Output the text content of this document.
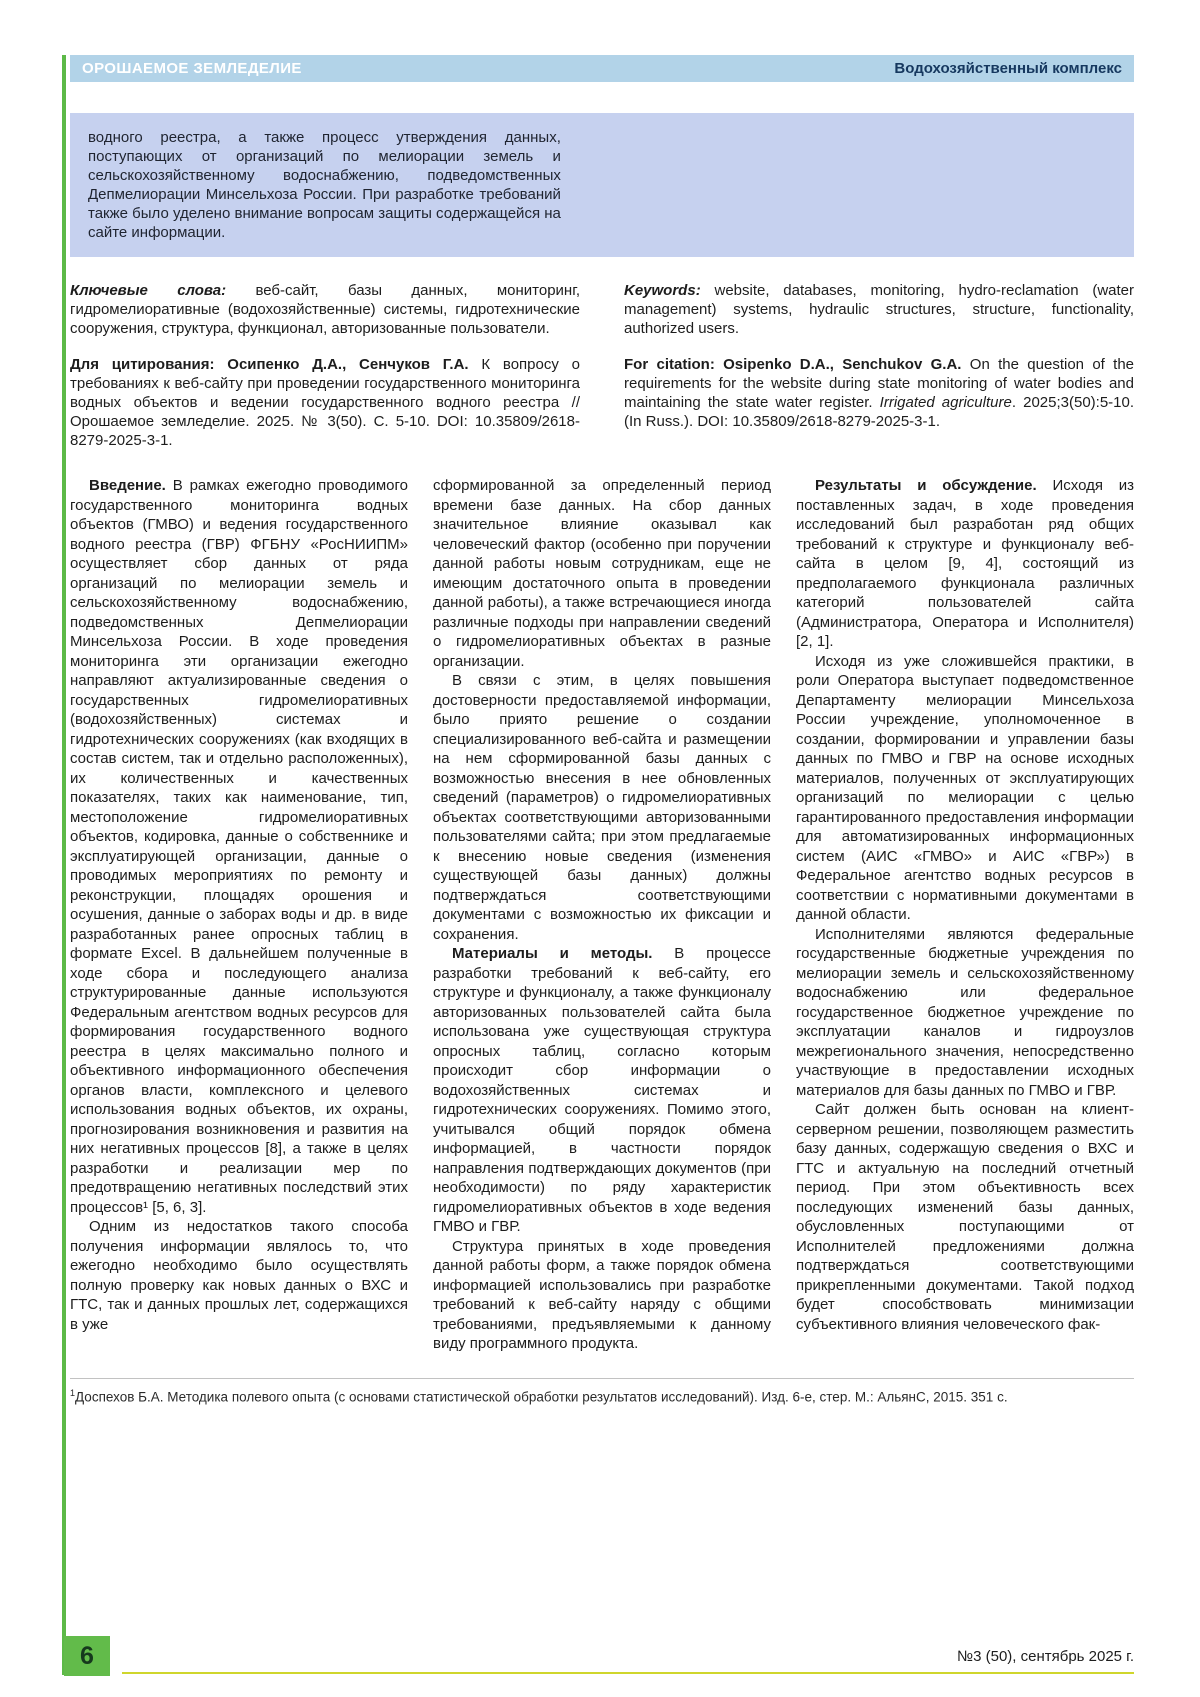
ОРОШАЕМОЕ ЗЕМЛЕДЕЛИЕ	Водохозяйственный комплекс
водного реестра, а также процесс утверждения данных, поступающих от организаций по мелиорации земель и сельскохозяйственному водоснабжению, подведомственных Депмелиорации Минсельхоза России. При разработке требований также было уделено внимание вопросам защиты содержащейся на сайте информации.
Ключевые слова: веб-сайт, базы данных, мониторинг, гидромелиоративные (водохозяйственные) системы, гидротехнические сооружения, структура, функционал, авторизованные пользователи.
Keywords: website, databases, monitoring, hydro-reclamation (water management) systems, hydraulic structures, structure, functionality, authorized users.
Для цитирования: Осипенко Д.А., Сенчуков Г.А. К вопросу о требованиях к веб-сайту при проведении государственного мониторинга водных объектов и ведении государственного водного реестра // Орошаемое земледелие. 2025. № 3(50). С. 5-10. DOI: 10.35809/2618-8279-2025-3-1.
For citation: Osipenko D.A., Senchukov G.A. On the question of the requirements for the website during state monitoring of water bodies and maintaining the state water register. Irrigated agriculture. 2025;3(50):5-10. (In Russ.). DOI: 10.35809/2618-8279-2025-3-1.

Введение. В рамках ежегодно проводимого государственного мониторинга водных объектов (ГМВО) и ведения государственного водного реестра (ГВР) ФГБНУ «РосНИИПМ» осуществляет сбор данных от ряда организаций по мелиорации земель и сельскохозяйственному водоснабжению, подведомственных Депмелиорации Минсельхоза России. В ходе проведения мониторинга эти организации ежегодно направляют актуализированные сведения о государственных гидромелиоративных (водохозяйственных) системах и гидротехнических сооружениях (как входящих в состав систем, так и отдельно расположенных), их количественных и качественных показателях, таких как наименование, тип, местоположение гидромелиоративных объектов, кодировка, данные о собственнике и эксплуатирующей организации, данные о проводимых мероприятиях по ремонту и реконструкции, площадях орошения и осушения, данные о заборах воды и др. в виде разработанных ранее опросных таблиц в формате Excel. В дальнейшем полученные в ходе сбора и последующего анализа структурированные данные используются Федеральным агентством водных ресурсов для формирования государственного водного реестра в целях максимально полного и объективного информационного обеспечения органов власти, комплексного и целевого использования водных объектов, их охраны, прогнозирования возникновения и развития на них негативных процессов [8], а также в целях разработки и реализации мер по предотвращению негативных последствий этих процессов¹ [5, 6, 3].

Одним из недостатков такого способа получения информации являлось то, что ежегодно необходимо было осуществлять полную проверку как новых данных о ВХС и ГТС, так и данных прошлых лет, содержащихся в уже

сформированной за определенный период времени базе данных. На сбор данных значительное влияние оказывал как человеческий фактор (особенно при поручении данной работы новым сотрудникам, еще не имеющим достаточного опыта в проведении данной работы), а также встречающиеся иногда различные подходы при направлении сведений о гидромелиоративных объектах в разные организации.

В связи с этим, в целях повышения достоверности предоставляемой информации, было приято решение о создании специализированного веб-сайта и размещении на нем сформированной базы данных с возможностью внесения в нее обновленных сведений (параметров) о гидромелиоративных объектах соответствующими авторизованными пользователями сайта; при этом предлагаемые к внесению новые сведения (изменения существующей базы данных) должны подтверждаться соответствующими документами с возможностью их фиксации и сохранения.

Материалы и методы. В процессе разработки требований к веб-сайту, его структуре и функционалу, а также функционалу авторизованных пользователей сайта была использована уже существующая структура опросных таблиц, согласно которым происходит сбор информации о водохозяйственных системах и гидротехнических сооружениях. Помимо этого, учитывался общий порядок обмена информацией, в частности порядок направления подтверждающих документов (при необходимости) по ряду характеристик гидромелиоративных объектов в ходе ведения ГМВО и ГВР.

Структура принятых в ходе проведения данной работы форм, а также порядок обмена информацией использовались при разработке требований к веб-сайту наряду с общими требованиями, предъявляемыми к данному виду программного продукта.

Результаты и обсуждение. Исходя из поставленных задач, в ходе проведения исследований был разработан ряд общих требований к структуре и функционалу веб-сайта в целом [9, 4], состоящий из предполагаемого функционала различных категорий пользователей сайта (Администратора, Оператора и Исполнителя) [2, 1].

Исходя из уже сложившейся практики, в роли Оператора выступает подведомственное Департаменту мелиорации Минсельхоза России учреждение, уполномоченное в создании, формировании и управлении базы данных по ГМВО и ГВР на основе исходных материалов, полученных от эксплуатирующих организаций по мелиорации с целью гарантированного предоставления информации для автоматизированных информационных систем (АИС «ГМВО» и АИС «ГВР») в Федеральное агентство водных ресурсов в соответствии с нормативными документами в данной области.

Исполнителями являются федеральные государственные бюджетные учреждения по мелиорации земель и сельскохозяйственному водоснабжению или федеральное государственное бюджетное учреждение по эксплуатации каналов и гидроузлов межрегионального значения, непосредственно участвующие в предоставлении исходных материалов для базы данных по ГМВО и ГВР.

Сайт должен быть основан на клиент-серверном решении, позволяющем разместить базу данных, содержащую сведения о ВХС и ГТС и актуальную на последний отчетный период. При этом объективность всех последующих изменений базы данных, обусловленных поступающими от Исполнителей предложениями должна подтверждаться соответствующими прикрепленными документами. Такой подход будет способствовать минимизации субъективного влияния человеческого фак-

$^1$Доспехов Б.А. Методика полевого опыта (с основами статистической обработки результатов исследований). Изд. 6-е, стер. М.: АльянС, 2015. 351 с.
6	№3 (50), сентябрь 2025 г.
